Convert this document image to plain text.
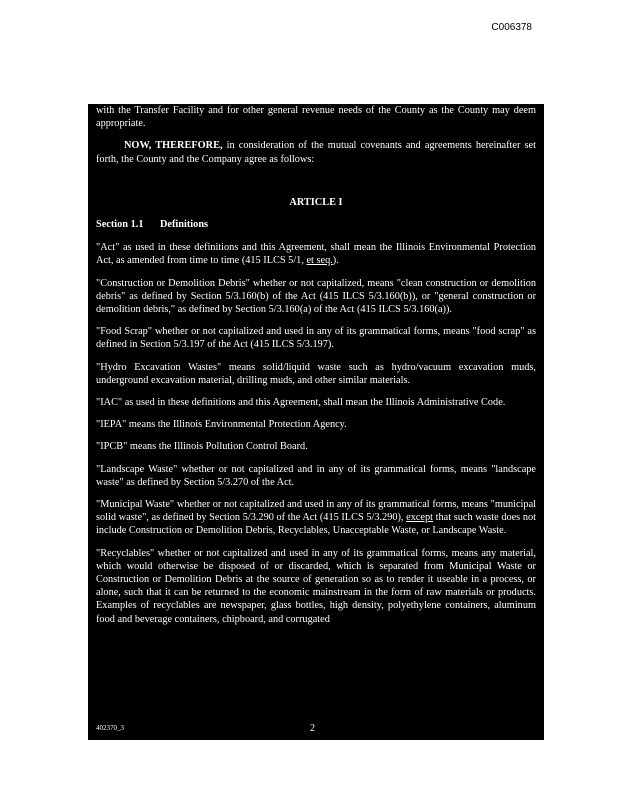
C006378

with the Transfer Facility and for other general revenue needs of the County as the County may deem appropriate.

NOW, THEREFORE, in consideration of the mutual covenants and agreements hereinafter set forth, the County and the Company agree as follows:

ARTICLE I

Section 1.1 Definitions

"Act" as used in these definitions and this Agreement, shall mean the Illinois Environmental Protection Act, as amended from time to time (415 ILCS 5/1, et seq.).

"Construction or Demolition Debris" whether or not capitalized, means "clean construction or demolition debris" as defined by Section 5/3.160(b) of the Act (415 ILCS 5/3.160(b)), or "general construction or demolition debris," as defined by Section 5/3.160(a) of the Act (415 ILCS 5/3.160(a)).

"Food Scrap" whether or not capitalized and used in any of its grammatical forms, means "food scrap" as defined in Section 5/3.197 of the Act (415 ILCS 5/3.197).

"Hydro Excavation Wastes" means solid/liquid waste such as hydro/vacuum excavation muds, underground excavation material, drilling muds, and other similar materials.

"IAC" as used in these definitions and this Agreement, shall mean the Illinois Administrative Code.

"IEPA" means the Illinois Environmental Protection Agency.

"IPCB" means the Illinois Pollution Control Board.

"Landscape Waste" whether or not capitalized and in any of its grammatical forms, means "landscape waste" as defined by Section 5/3.270 of the Act.

"Municipal Waste" whether or not capitalized and used in any of its grammatical forms, means "municipal solid waste", as defined by Section 5/3.290 of the Act (415 ILCS 5/3.290), except that such waste does not include Construction or Demolition Debris, Recyclables, Unacceptable Waste, or Landscape Waste.

"Recyclables" whether or not capitalized and used in any of its grammatical forms, means any material, which would otherwise be disposed of or discarded, which is separated from Municipal Waste or Construction or Demolition Debris at the source of generation so as to render it useable in a process, or alone, such that it can be returned to the economic mainstream in the form of raw materials or products. Examples of recyclables are newspaper, glass bottles, high density, polyethylene containers, aluminum food and beverage containers, chipboard, and corrugated

402370_3	2
